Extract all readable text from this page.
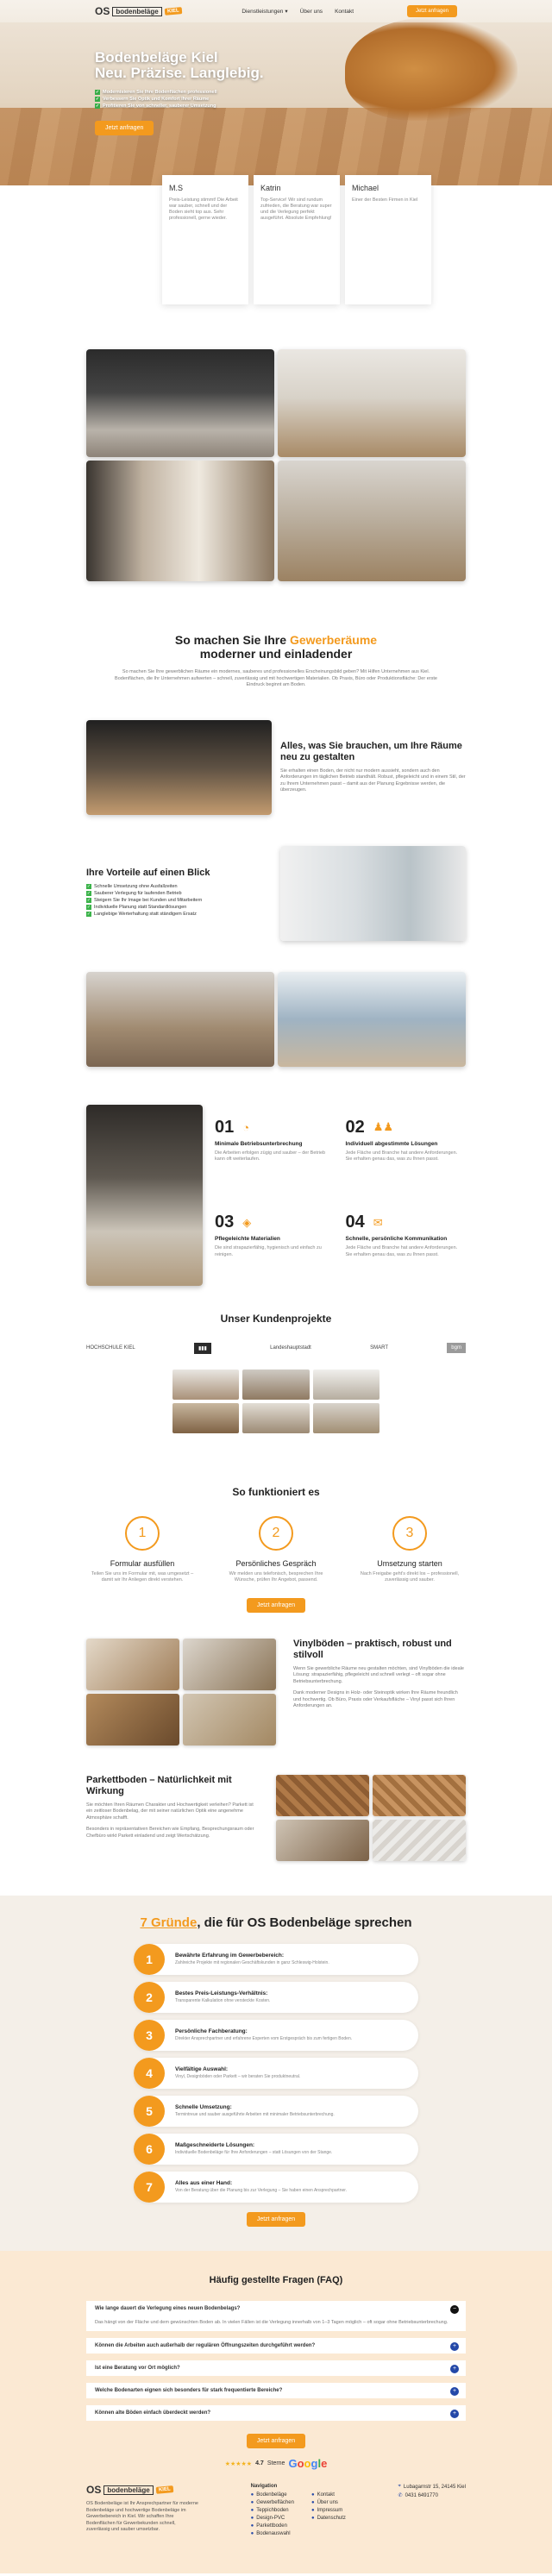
OS bodenbeläge	KIEL	Dienstleistungen ▾ Über uns Kontakt	Jetzt anfragen
Bodenbeläge Kiel
Neu. Präzise. Langlebig.
✓ Modernisieren Sie Ihre Bodenflächen professionell
✓ Verbessern Sie Optik und Komfort Ihrer Räume
✓ Profitieren Sie von schneller, sauberer Umsetzung
Jetzt anfragen
M.S
Preis-Leistung stimmt! Die Arbeit war sauber, schnell und der Boden sieht top aus. Sehr professionell, gerne wieder.
Katrin
Top-Service! Wir sind rundum zufrieden, die Beratung war super und die Verlegung perfekt ausgeführt. Absolute Empfehlung!
Michael
Einer der Besten Firmen in Kiel
So machen Sie Ihre Gewerberäume
moderner und einladender
So machen Sie Ihre gewerblichen Räume ein modernes, sauberes und professionelles Erscheinungsbild geben? Mit Hilfen Unternehmen aus Kiel. Bodenflächen, die Ihr Unternehmen aufwerten – schnell, zuverlässig und mit hochwertigen Materialien. Ob Praxis, Büro oder Produktionsfläche: Der erste Eindruck beginnt am Boden.
Alles, was Sie brauchen, um Ihre Räume neu zu gestalten
Sie erhalten einen Boden, der nicht nur modern aussieht, sondern auch den Anforderungen im täglichen Betrieb standhält. Robust, pflegeleicht und in einem Stil, der zu Ihrem Unternehmen passt – damit aus der Planung Ergebnisse werden, die überzeugen.
Ihre Vorteile auf einen Blick
✓ Schnelle Umsetzung ohne Ausfallzeiten
✓ Sauberer Verlegung für laufenden Betrieb
✓ Steigern Sie Ihr Image bei Kunden und Mitarbeitern
✓ Individuelle Planung statt Standardlösungen
✓ Langlebige Werterhaltung statt ständigem Ersatz
01 ◔
Minimale Betriebsunterbrechung
Die Arbeiten erfolgen zügig und sauber – der Betrieb kann oft weiterlaufen.
02 ♟♟
Individuell abgestimmte Lösungen
Jede Fläche und Branche hat andere Anforderungen. Sie erhalten genau das, was zu Ihnen passt.
03 ◈
Pflegeleichte Materialien
Die sind strapazierfähig, hygienisch und einfach zu reinigen.
04 ✉
Schnelle, persönliche Kommunikation
Jede Fläche und Branche hat andere Anforderungen. Sie erhalten genau das, was zu Ihnen passt.
Unser Kundenprojekte
HOCHSCHULE KIEL	▮▮▮	Landeshauptstadt	SMART	bgm
So funktioniert es
1
Formular ausfüllen
Teilen Sie uns im Formular mit, was umgesetzt – damit wir Ihr Anliegen direkt verstehen.
2
Persönliches Gespräch
Wir melden uns telefonisch, besprechen Ihre Wünsche, prüfen Ihr Angebot, passend.
3
Umsetzung starten
Nach Freigabe geht's direkt los – professionell, zuverlässig und sauber.
Jetzt anfragen
Vinylböden – praktisch, robust und stilvoll
Wenn Sie gewerbliche Räume neu gestalten möchten, sind Vinylböden die ideale Lösung: strapazierfähig, pflegeleicht und schnell verlegt – oft sogar ohne Betriebsunterbrechung.
Dank moderner Designs in Holz- oder Steinoptik wirken Ihre Räume freundlich und hochwertig. Ob Büro, Praxis oder Verkaufsfläche – Vinyl passt sich Ihren Anforderungen an.
Parkettboden – Natürlichkeit mit Wirkung
Sie möchten Ihren Räumen Charakter und Hochwertigkeit verleihen? Parkett ist ein zeitloser Bodenbelag, der mit seiner natürlichen Optik eine angenehme Atmosphäre schafft.
Besonders in repräsentativen Bereichen wie Empfang, Besprechungsraum oder Chefbüro wirkt Parkett einladend und zeigt Wertschätzung.
7 Gründe, die für OS Bodenbeläge sprechen
1	Bewährte Erfahrung im Gewerbebereich:
Zahlreiche Projekte mit regionalen Geschäftskunden in ganz Schleswig-Holstein.
2	Bestes Preis-Leistungs-Verhältnis:
Transparente Kalkulation ohne versteckte Kosten.
3	Persönliche Fachberatung:
Direkter Ansprechpartner und erfahrene Experten vom Erstgespräch bis zum fertigen Boden.
4	Vielfältige Auswahl:
Vinyl, Designböden oder Parkett – wir beraten Sie produktneutral.
5	Schnelle Umsetzung:
Termintreue und sauber ausgeführte Arbeiten mit minimaler Betriebsunterbrechung.
6	Maßgeschneiderte Lösungen:
Individuelle Bodenbeläge für Ihre Anforderungen – statt Lösungen von der Stange.
7	Alles aus einer Hand:
Von der Beratung über die Planung bis zur Verlegung – Sie haben einen Ansprechpartner.
Jetzt anfragen
Häufig gestellte Fragen (FAQ)
Wie lange dauert die Verlegung eines neuen Bodenbelags?	−
Das hängt von der Fläche und dem gewünschten Boden ab. In vielen Fällen ist die Verlegung innerhalb von 1–3 Tagen möglich – oft sogar ohne Betriebsunterbrechung.
Können die Arbeiten auch außerhalb der regulären Öffnungszeiten durchgeführt werden?	+
Ist eine Beratung vor Ort möglich?	+
Welche Bodenarten eignen sich besonders für stark frequentierte Bereiche?	+
Können alte Böden einfach überdeckt werden?	+
Jetzt anfragen
★★★★★ 4.7 Sterne Google
OS bodenbeläge	KIEL
OS Bodenbeläge ist Ihr Ansprechpartner für moderne Bodenbeläge und hochwertige Bodenbeläge im Gewerbebereich in Kiel. Wir schaffen Ihre Bodenflächen für Gewerbekunden schnell, zuverlässig und sauber umsetzbar.
Navigation
● Bodenbeläge
● Gewerbeflächen
● Teppichboden
● Design-PVC
● Parkettboden
● Bodenauswahl
● Kontakt
● Über uns
● Impressum
● Datenschutz
⌖ Lubagarnstr 15, 24145 Kiel
✆ 0431 6491770
